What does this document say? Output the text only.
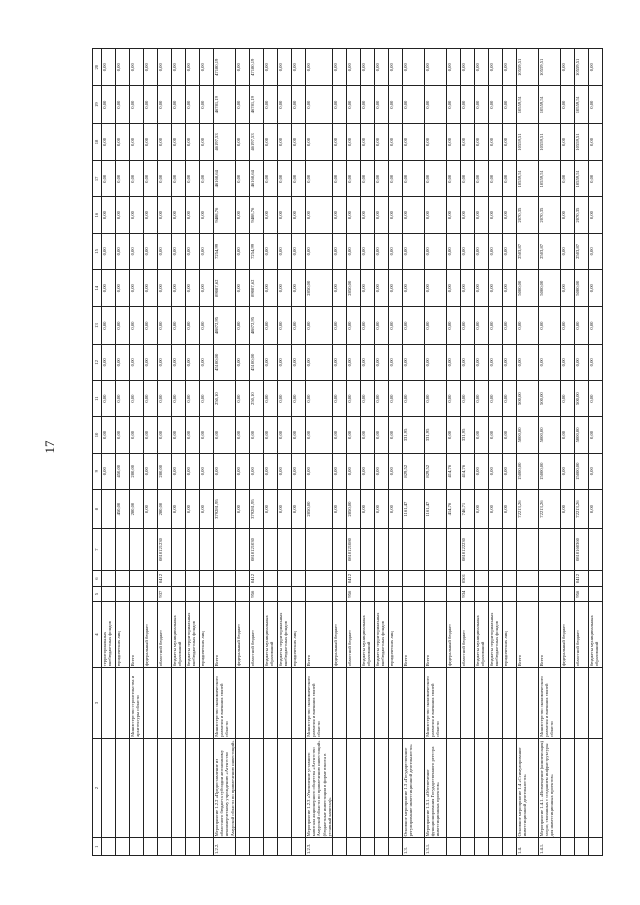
17
1	2	3	4	5	6	7	8	9	10	11	12	13	14	15	16	17	18	19	20
			территориальных внебюджетных фондов					0,00	0,00	0,00	0,00	0,00	0,00	0,00	0,00	0,00	0,00	0,00	0,00
			юридических лиц				450,00	450,00	0,00	0,00	0,00	0,00	0,00	0,00	0,00	0,00	0,00	0,00	0,00
		Министерство строительства и архитектуры области	Всего				280,00	280,00	0,00	0,00	0,00	0,00	0,00	0,00	0,00	0,00	0,00	0,00	0,00
			федеральный бюджет				0,00	0,00	0,00	0,00	0,00	0,00	0,00	0,00	0,00	0,00	0,00	0,00	0,00
			областной бюджет	937	0412	0810121230	280,00	280,00	0,00	0,00	0,00	0,00	0,00	0,00	0,00	0,00	0,00	0,00	0,00
			бюджеты муниципальных образований				0,00	0,00	0,00	0,00	0,00	0,00	0,00	0,00	0,00	0,00	0,00	0,00	0,00
			бюджеты территориальных внебюджетных фондов				0,00	0,00	0,00	0,00	0,00	0,00	0,00	0,00	0,00	0,00	0,00	0,00	0,00
			юридических лиц				0,00	0,00	0,00	0,00	0,00	0,00	0,00	0,00	0,00	0,00	0,00	0,00	0,00
1.2.2.	Мероприятие 1.2.2 «Предоставление из областного бюджета субсидии автономному некоммерческому учреждению «Агентство Амурской области по привлечению инвестиций»	Министерство экономического развития и внешних связей области	Всего				379281,95	0,00	0,00	250,10	45100,00	48872,95	89087,62	7254,99	9488,76	46168,64	46197,53	46781,19	47180,19
			федеральный бюджет				0,00	0,00	0,00	0,00	0,00	0,00	0,00	0,00	0,00	0,00	0,00	0,00	0,00
			областной бюджет	956	0412	0810121030	379281,95	0,00	0,00	250,10	45100,00	48872,95	89087,62	7254,99	9488,76	46168,64	46197,53	46781,19	47180,19
			бюджеты муниципальных образований				0,00	0,00	0,00	0,00	0,00	0,00	0,00	0,00	0,00	0,00	0,00	0,00	0,00
			бюджеты территориальных внебюджетных фондов				0,00	0,00	0,00	0,00	0,00	0,00	0,00	0,00	0,00	0,00	0,00	0,00	0,00
			юридических лиц				0,00	0,00	0,00	0,00	0,00	0,00	0,00	0,00	0,00	0,00	0,00	0,00	0,00
1.2.3.	Мероприятие 1.2.3 «Увеличение уставного капитала акционерного общества «Агентство Амурской области по привлечению инвестиций» (бюджетные инвестиции в форме взноса в уставный капитал)»	Министерство экономического развития и внешних связей области	Всего				2850,00	0,00	0,00	0,00	0,00	0,00	2850,00	0,00	0,00	0,00	0,00	0,00	0,00
			федеральный бюджет				0,00	0,00	0,00	0,00	0,00	0,00	0,00	0,00	0,00	0,00	0,00	0,00	0,00
			областной бюджет	956	0412	0810121080	2850,00	0,00	0,00	0,00	0,00	0,00	2850,00	0,00	0,00	0,00	0,00	0,00	0,00
			бюджеты муниципальных образований				0,00	0,00	0,00	0,00	0,00	0,00	0,00	0,00	0,00	0,00	0,00	0,00	0,00
			бюджеты территориальных внебюджетных фондов				0,00	0,00	0,00	0,00	0,00	0,00	0,00	0,00	0,00	0,00	0,00	0,00	0,00
			юридических лиц				0,00	0,00	0,00	0,00	0,00	0,00	0,00	0,00	0,00	0,00	0,00	0,00	0,00
1.3.	Основное мероприятие 1.3 «Государственное регулирование инвестиционной деятельности»		Всего				1161,47	829,52	331,95	0,00	0,00	0,00	0,00	0,00	0,00	0,00	0,00	0,00	0,00
1.3.1.	Мероприятие 1.3.1. «Обеспечение функционирования Государственного реестра инвестиционных проектов»	Министерство экономического развития и внешних связей области	Всего				1161,47	829,52	331,95	0,00	0,00	0,00	0,00	0,00	0,00	0,00	0,00	0,00	0,00
			федеральный бюджет				414,76	414,76	0,00	0,00	0,00	0,00	0,00	0,00	0,00	0,00	0,00	0,00	0,00
			областной бюджет	934	0501	0810122230	746,71	414,76	331,95	0,00	0,00	0,00	0,00	0,00	0,00	0,00	0,00	0,00	0,00
			бюджеты муниципальных образований				0,00	0,00	0,00	0,00	0,00	0,00	0,00	0,00	0,00	0,00	0,00	0,00	0,00
			бюджеты территориальных внебюджетных фондов				0,00	0,00	0,00	0,00	0,00	0,00	0,00	0,00	0,00	0,00	0,00	0,00	0,00
			юридических лиц				0,00	0,00	0,00	0,00	0,00	0,00	0,00	0,00	0,00	0,00	0,00	0,00	0,00
1.4.	Основное мероприятие 1.4 «Стимулирование инвестиционной деятельности»		Всего				72213,26	15000,00	5000,00	500,00	0,00	0,00	5000,00	2503,87	2070,35	10559,51	10559,51	10559,51	10559,51
1.4.1.	Мероприятие 1.4.1. «Возмещение (компенсация) затрат, связанных с созданием инфраструктуры для инвестиционных проектов»	Министерство экономического развития и внешних связей области	Всего				72213,26	15000,00	5000,00	500,00	0,00	0,00	5000,00	2503,87	2070,35	10559,51	10559,51	10559,51	10559,51
			федеральный бюджет				0,00	0,00	0,00	0,00	0,00	0,00	0,00	0,00	0,00	0,00	0,00	0,00	0,00
			областной бюджет	956	0412	0810160360	72213,26	15000,00	5000,00	500,00	0,00	0,00	5000,00	2503,87	2070,35	10559,51	10559,51	10559,51	10559,51
			бюджеты муниципальных образований				0,00	0,00	0,00	0,00	0,00	0,00	0,00	0,00	0,00	0,00	0,00	0,00	0,00
